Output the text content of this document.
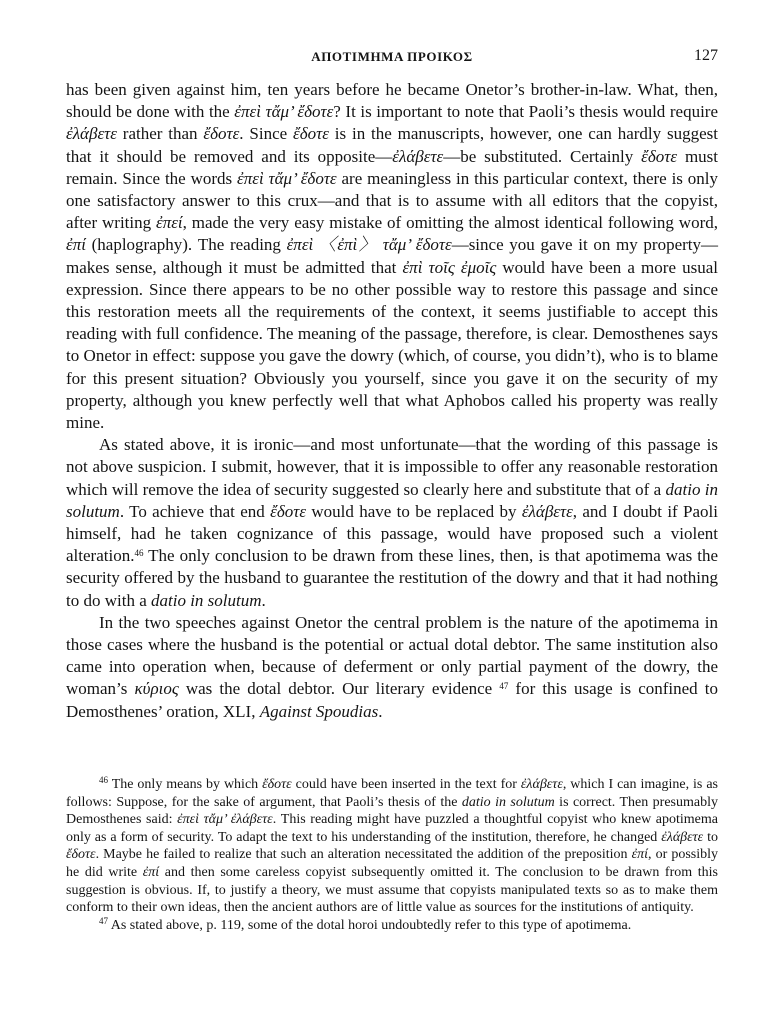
ΑΠΟΤΙΜΗΜΑ ΠΡΟΙΚΟΣ	127

has been given against him, ten years before he became Onetor’s brother-in-law. What, then, should be done with the ἐπεὶ τἄμ’ ἔδοτε? It is important to note that Paoli’s thesis would require ἐλάβετε rather than ἔδοτε. Since ἔδοτε is in the manuscripts, however, one can hardly suggest that it should be removed and its opposite—ἐλάβετε—be substituted. Certainly ἔδοτε must remain. Since the words ἐπεὶ τἄμ’ ἔδοτε are meaningless in this particular context, there is only one satisfactory answer to this crux—and that is to assume with all editors that the copyist, after writing ἐπεί, made the very easy mistake of omitting the almost identical following word, ἐπί (haplography). The reading ἐπεὶ 〈ἐπὶ〉 τἄμ’ ἔδοτε—since you gave it on my property—makes sense, although it must be admitted that ἐπὶ τοῖς ἐμοῖς would have been a more usual expression. Since there appears to be no other possible way to restore this passage and since this restoration meets all the requirements of the context, it seems justifiable to accept this reading with full confidence. The meaning of the passage, therefore, is clear. Demosthenes says to Onetor in effect: suppose you gave the dowry (which, of course, you didn’t), who is to blame for this present situation? Obviously you yourself, since you gave it on the security of my property, although you knew perfectly well that what Aphobos called his property was really mine.

As stated above, it is ironic—and most unfortunate—that the wording of this passage is not above suspicion. I submit, however, that it is impossible to offer any reasonable restoration which will remove the idea of security suggested so clearly here and substitute that of a datio in solutum. To achieve that end ἔδοτε would have to be replaced by ἐλάβετε, and I doubt if Paoli himself, had he taken cognizance of this passage, would have proposed such a violent alteration.$^{46}$ The only conclusion to be drawn from these lines, then, is that apotimema was the security offered by the husband to guarantee the restitution of the dowry and that it had nothing to do with a datio in solutum.

In the two speeches against Onetor the central problem is the nature of the apotimema in those cases where the husband is the potential or actual dotal debtor. The same institution also came into operation when, because of deferment or only partial payment of the dowry, the woman’s κύριος was the dotal debtor. Our literary evidence $^{47}$ for this usage is confined to Demosthenes’ oration, XLI, Against Spoudias.

$^{46}$ The only means by which ἔδοτε could have been inserted in the text for ἐλάβετε, which I can imagine, is as follows: Suppose, for the sake of argument, that Paoli’s thesis of the datio in solutum is correct. Then presumably Demosthenes said: ἐπεὶ τἄμ’ ἐλάβετε. This reading might have puzzled a thoughtful copyist who knew apotimema only as a form of security. To adapt the text to his understanding of the institution, therefore, he changed ἐλάβετε to ἔδοτε. Maybe he failed to realize that such an alteration necessitated the addition of the preposition ἐπί, or possibly he did write ἐπί and then some careless copyist subsequently omitted it. The conclusion to be drawn from this suggestion is obvious. If, to justify a theory, we must assume that copyists manipulated texts so as to make them conform to their own ideas, then the ancient authors are of little value as sources for the institutions of antiquity.

$^{47}$ As stated above, p. 119, some of the dotal horoi undoubtedly refer to this type of apotimema.
